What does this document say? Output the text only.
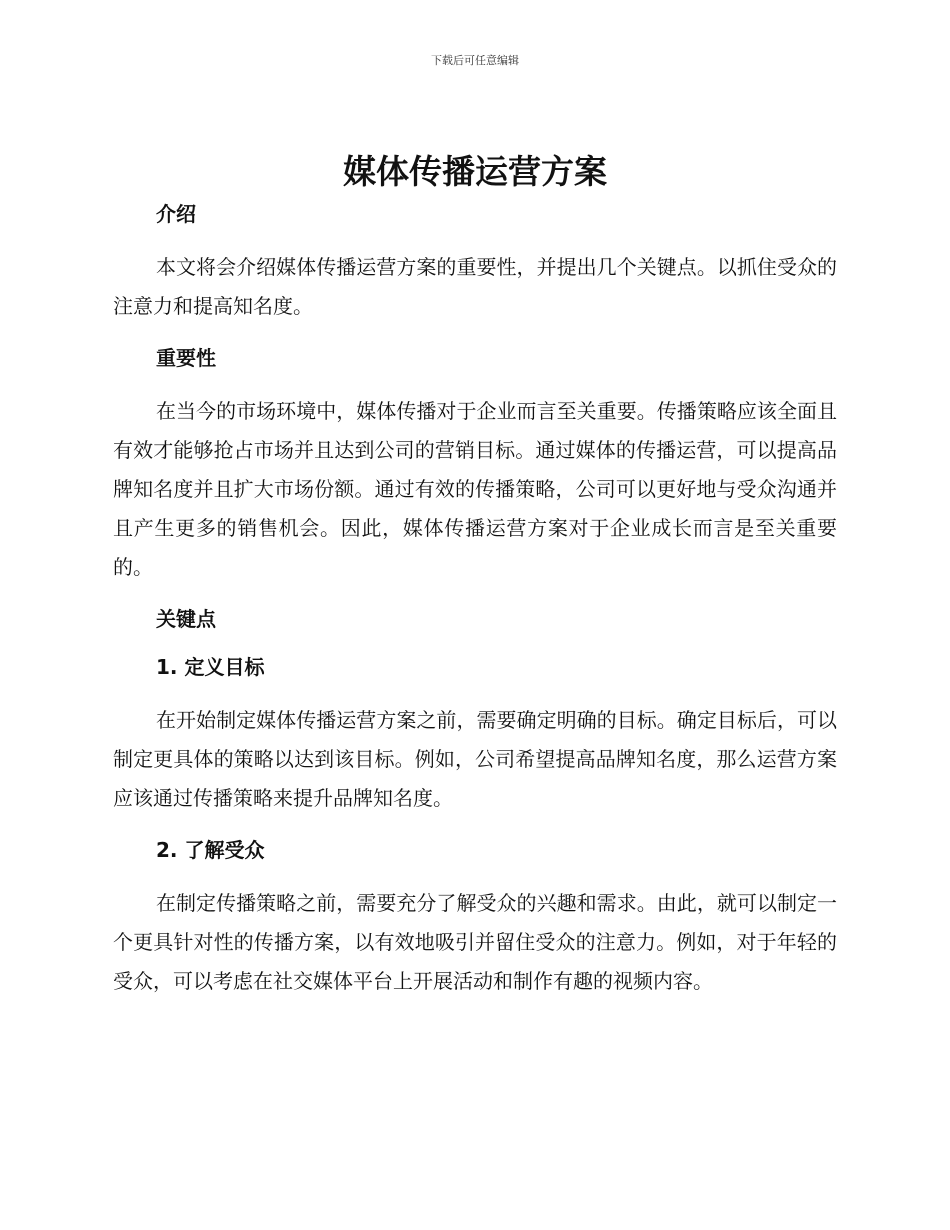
下载后可任意编辑
媒体传播运营方案
介绍

本文将会介绍媒体传播运营方案的重要性，并提出几个关键点。以抓住受众的注意力和提高知名度。

重要性

在当今的市场环境中，媒体传播对于企业而言至关重要。传播策略应该全面且有效才能够抢占市场并且达到公司的营销目标。通过媒体的传播运营，可以提高品牌知名度并且扩大市场份额。通过有效的传播策略，公司可以更好地与受众沟通并且产生更多的销售机会。因此，媒体传播运营方案对于企业成长而言是至关重要的。

关键点
1. 定义目标

在开始制定媒体传播运营方案之前，需要确定明确的目标。确定目标后，可以制定更具体的策略以达到该目标。例如，公司希望提高品牌知名度，那么运营方案应该通过传播策略来提升品牌知名度。

2. 了解受众

在制定传播策略之前，需要充分了解受众的兴趣和需求。由此，就可以制定一个更具针对性的传播方案，以有效地吸引并留住受众的注意力。例如，对于年轻的受众，可以考虑在社交媒体平台上开展活动和制作有趣的视频内容。
